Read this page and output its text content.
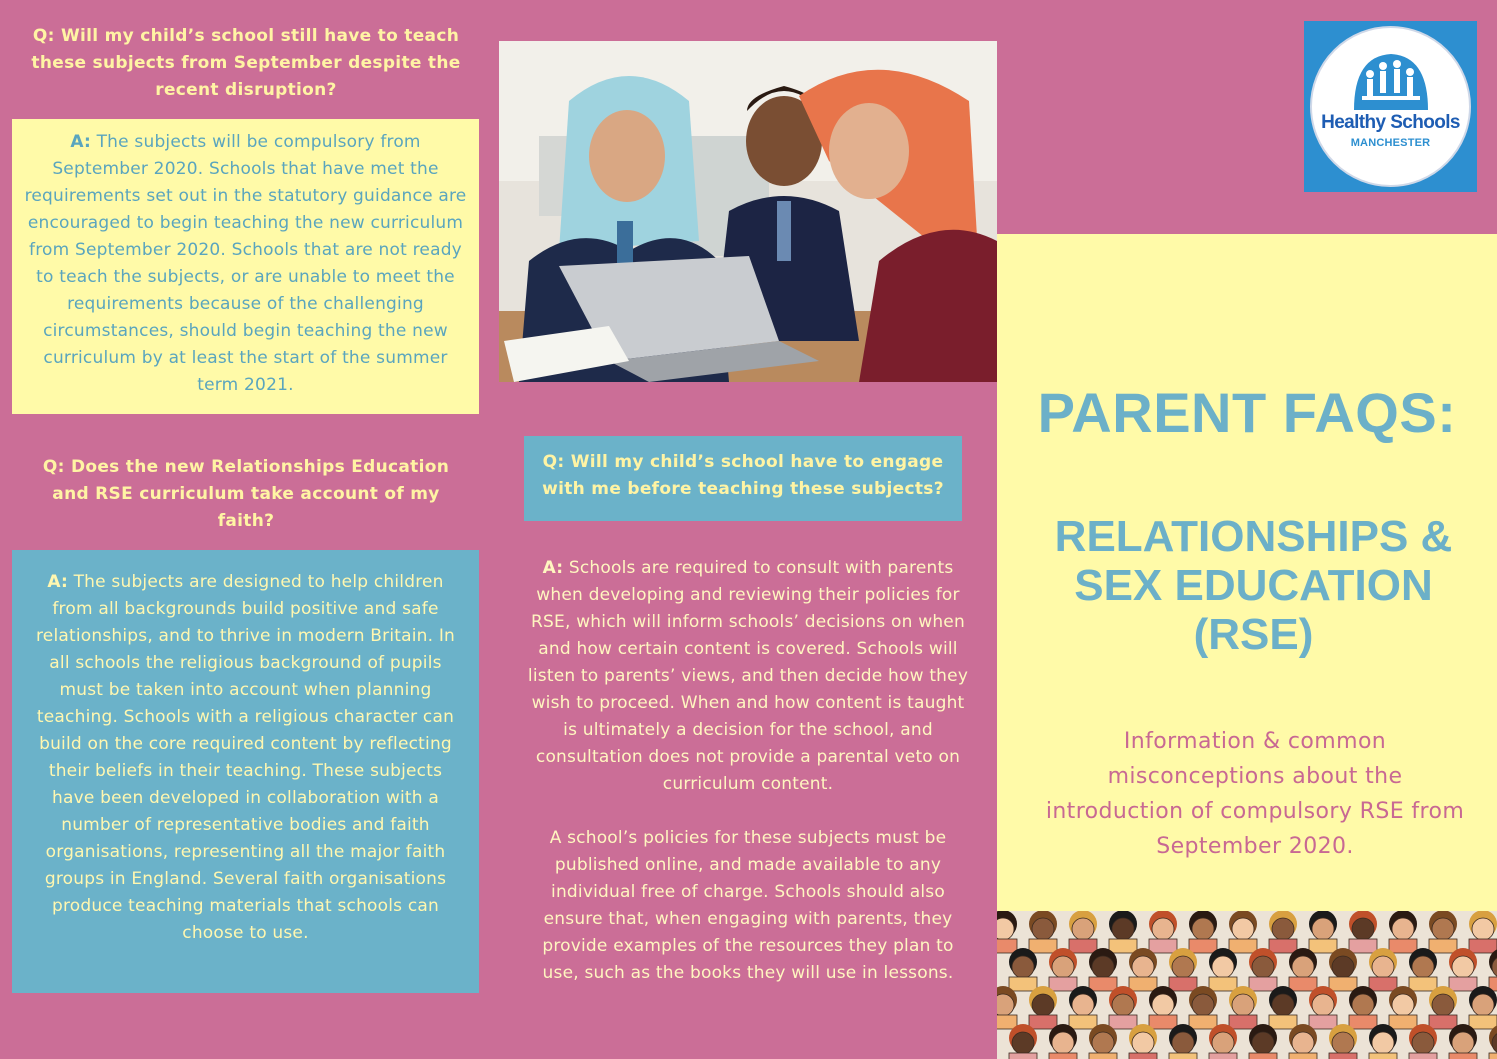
Q: Will my child’s school still have to teach these subjects from September despite the recent disruption?
A: The subjects will be compulsory from September 2020. Schools that have met the requirements set out in the statutory guidance are encouraged to begin teaching the new curriculum from September 2020. Schools that are not ready to teach the subjects, or are unable to meet the requirements because of the challenging circumstances, should begin teaching the new curriculum by at least the start of the summer term 2021.
Q: Does the new Relationships Education and RSE curriculum take account of my faith?
A: The subjects are designed to help children from all backgrounds build positive and safe relationships, and to thrive in modern Britain. In all schools the religious background of pupils must be taken into account when planning teaching. Schools with a religious character can build on the core required content by reflecting their beliefs in their teaching. These subjects have been developed in collaboration with a number of representative bodies and faith organisations, representing all the major faith groups in England. Several faith organisations produce teaching materials that schools can choose to use.
Q: Will my child’s school have to engage with me before teaching these subjects?

A: Schools are required to consult with parents when developing and reviewing their policies for RSE, which will inform schools’ decisions on when and how certain content is covered. Schools will listen to parents’ views, and then decide how they wish to proceed. When and how content is taught is ultimately a decision for the school, and consultation does not provide a parental veto on curriculum content.

A school’s policies for these subjects must be published online, and made available to any individual free of charge. Schools should also ensure that, when engaging with parents, they provide examples of the resources they plan to use, such as the books they will use in lessons.

Healthy Schools
MANCHESTER
PARENT FAQS:
RELATIONSHIPS &
SEX EDUCATION
(RSE)
Information & common misconceptions about the introduction of compulsory RSE from September 2020.
